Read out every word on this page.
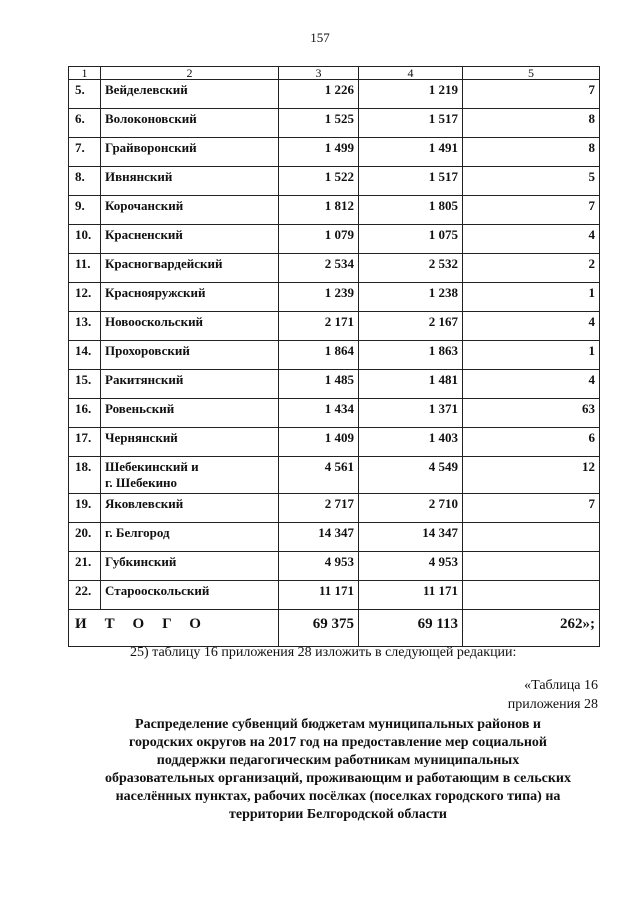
157
1	2	3	4	5
5.	Вейделевский	1 226	1 219	7
6.	Волоконовский	1 525	1 517	8
7.	Грайворонский	1 499	1 491	8
8.	Ивнянский	1 522	1 517	5
9.	Корочанский	1 812	1 805	7
10.	Красненский	1 079	1 075	4
11.	Красногвардейский	2 534	2 532	2
12.	Краснояружский	1 239	1 238	1
13.	Новооскольский	2 171	2 167	4
14.	Прохоровский	1 864	1 863	1
15.	Ракитянский	1 485	1 481	4
16.	Ровеньский	1 434	1 371	63
17.	Чернянский	1 409	1 403	6
18.	Шебекинский и
г. Шебекино	4 561	4 549	12
19.	Яковлевский	2 717	2 710	7
20.	г. Белгород	14 347	14 347	
21.	Губкинский	4 953	4 953	
22.	Старооскольский	11 171	11 171	
ИТОГО		69 375	69 113	262»;
25) таблицу 16 приложения 28 изложить в следующей редакции:
«Таблица 16
приложения 28
Распределение субвенций бюджетам муниципальных районов и
городских округов на 2017 год на предоставление мер социальной
поддержки педагогическим работникам муниципальных
образовательных организаций, проживающим и работающим в сельских
населённых пунктах, рабочих посёлках (поселках городского типа) на
территории Белгородской области
